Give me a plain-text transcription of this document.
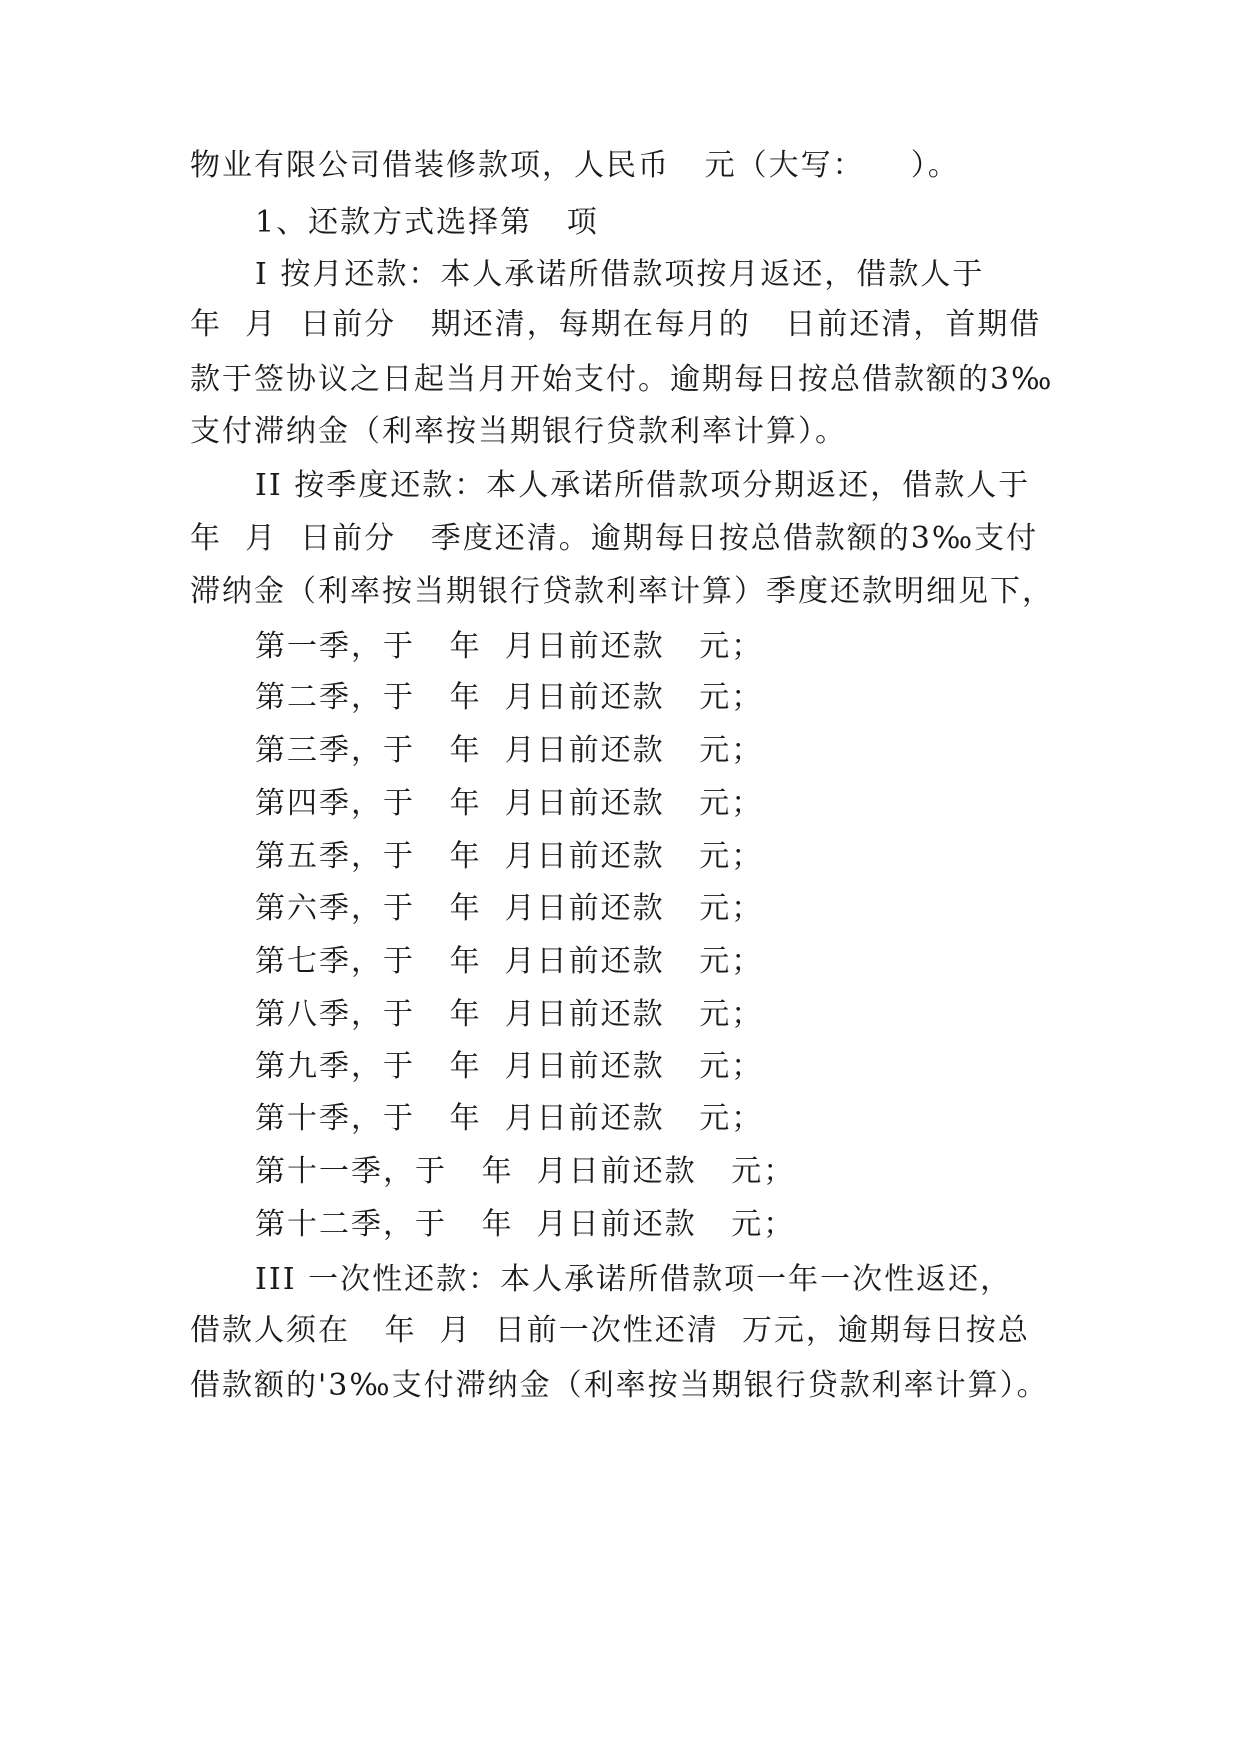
物业有限公司借装修款项，人民币   元（大写：    ）。
1、还款方式选择第   项
I 按月还款：本人承诺所借款项按月返还，借款人于
年  月  日前分   期还清，每期在每月的   日前还清，首期借
款于签协议之日起当月开始支付。逾期每日按总借款额的3‰
支付滞纳金（利率按当期银行贷款利率计算）。
II 按季度还款：本人承诺所借款项分期返还，借款人于
年  月  日前分   季度还清。逾期每日按总借款额的3‰支付
滞纳金（利率按当期银行贷款利率计算）季度还款明细见下，
第一季，于   年  月日前还款   元；
第二季，于   年  月日前还款   元；
第三季，于   年  月日前还款   元；
第四季，于   年  月日前还款   元；
第五季，于   年  月日前还款   元；
第六季，于   年  月日前还款   元；
第七季，于   年  月日前还款   元；
第八季，于   年  月日前还款   元；
第九季，于   年  月日前还款   元；
第十季，于   年  月日前还款   元；
第十一季，于   年  月日前还款   元；
第十二季，于   年  月日前还款   元；
III 一次性还款：本人承诺所借款项一年一次性返还，
借款人须在   年  月  日前一次性还清  万元，逾期每日按总
借款额的'3‰支付滞纳金（利率按当期银行贷款利率计算）。
